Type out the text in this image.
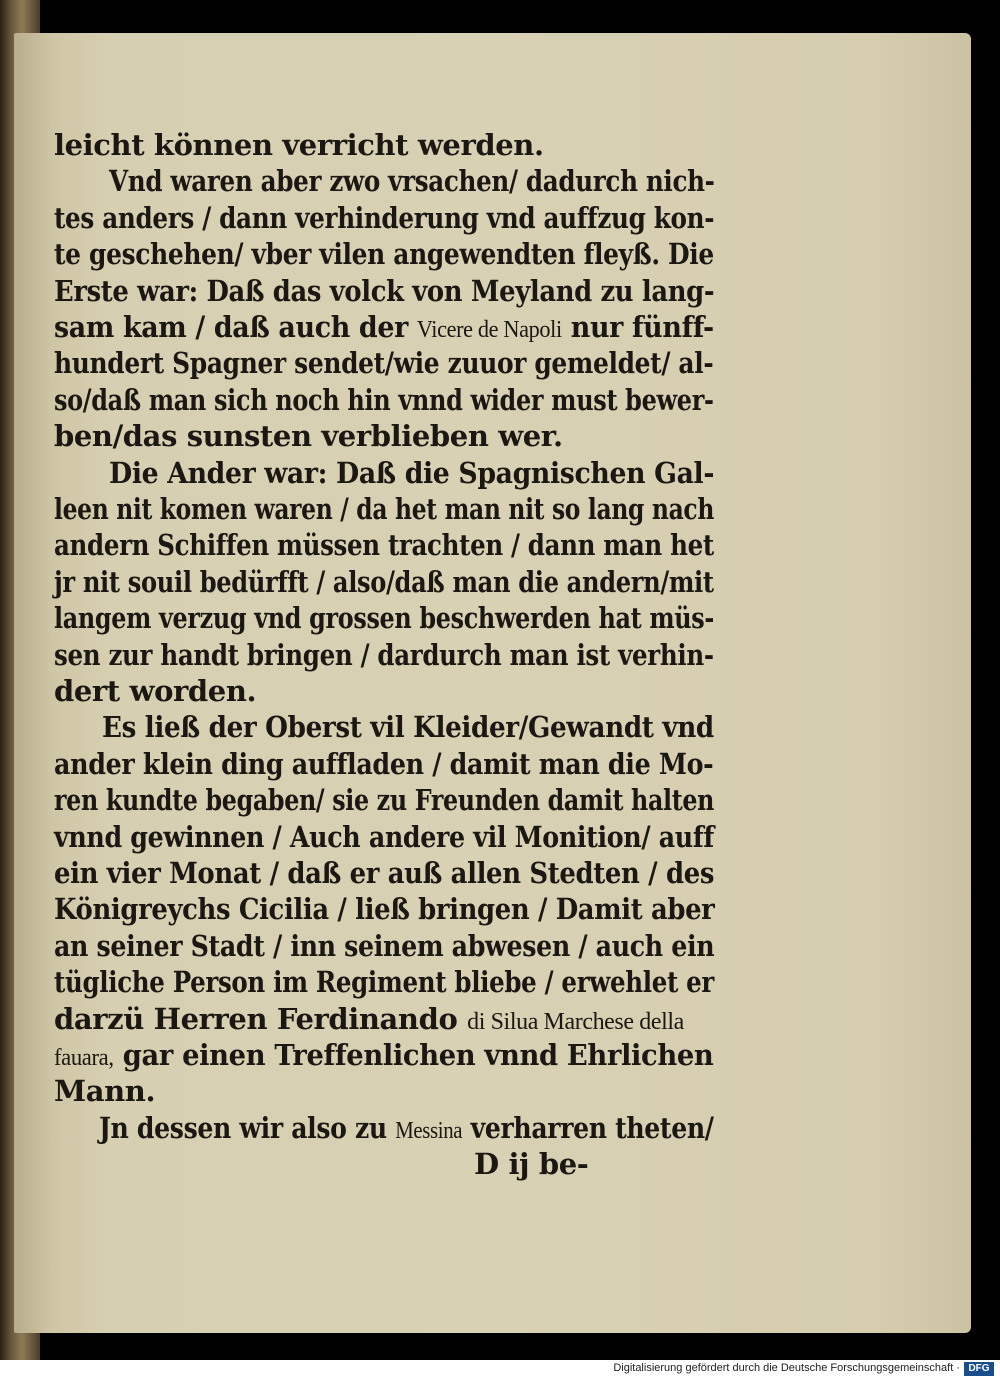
leicht können verricht werden.
Vnd waren aber zwo vrsachen/ dadurch nich-
tes anders / dann verhinderung vnd auffzug kon-
te geschehen/ vber vilen angewendten fleyß. Die
Erste war: Daß das volck von Meyland zu lang-
sam kam / daß auch der Vicere de Napoli nur fünff-
hundert Spagner sendet/wie zuuor gemeldet/ al-
so/daß man sich noch hin vnnd wider must bewer-
ben/das sunsten verblieben wer.
Die Ander war: Daß die Spagnischen Gal-
leen nit komen waren / da het man nit so lang nach
andern Schiffen müssen trachten / dann man het
jr nit souil bedürfft / also/daß man die andern/mit
langem verzug vnd grossen beschwerden hat müs-
sen zur handt bringen / dardurch man ist verhin-
dert worden.
Es ließ der Oberst vil Kleider/Gewandt vnd
ander klein ding auffladen / damit man die Mo-
ren kundte begaben/ sie zu Freunden damit halten
vnnd gewinnen / Auch andere vil Monition/ auff
ein vier Monat / daß er auß allen Stedten / des
Königreychs Cicilia / ließ bringen / Damit aber
an seiner Stadt / inn seinem abwesen / auch ein
tügliche Person im Regiment bliebe / erwehlet er
darzü Herren Ferdinando di Silua Marchese della
fauara, gar einen Treffenlichen vnnd Ehrlichen
Mann.
Jn dessen wir also zu Messina verharren theten/
D ij be-
Digitalisierung gefördert durch die Deutsche Forschungsgemeinschaft · DFG
